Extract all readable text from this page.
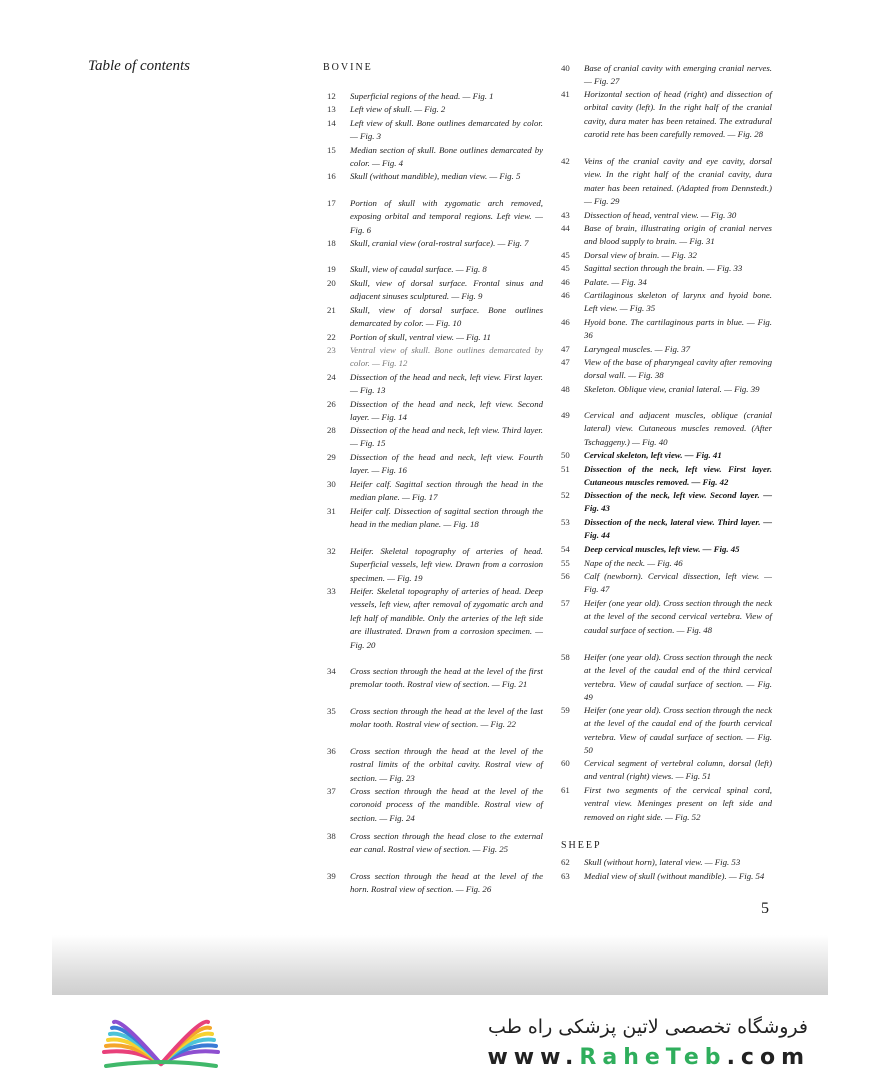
Table of contents	BOVINE
12	Superficial regions of the head. — Fig. 1
13	Left view of skull. — Fig. 2
14	Left view of skull. Bone outlines demarcated by color. — Fig. 3
15	Median section of skull. Bone outlines demarcated by color. — Fig. 4
16	Skull (without mandible), median view. — Fig. 5
17	Portion of skull with zygomatic arch removed, exposing orbital and temporal regions. Left view. — Fig. 6
18	Skull, cranial view (oral-rostral surface). — Fig. 7
19	Skull, view of caudal surface. — Fig. 8
20	Skull, view of dorsal surface. Frontal sinus and adjacent sinuses sculptured. — Fig. 9
21	Skull, view of dorsal surface. Bone outlines demarcated by color. — Fig. 10
22	Portion of skull, ventral view. — Fig. 11
23	Ventral view of skull. Bone outlines demarcated by color. — Fig. 12
24	Dissection of the head and neck, left view. First layer. — Fig. 13
26	Dissection of the head and neck, left view. Second layer. — Fig. 14
28	Dissection of the head and neck, left view. Third layer. — Fig. 15
29	Dissection of the head and neck, left view. Fourth layer. — Fig. 16
30	Heifer calf. Sagittal section through the head in the median plane. — Fig. 17
31	Heifer calf. Dissection of sagittal section through the head in the median plane. — Fig. 18
32	Heifer. Skeletal topography of arteries of head. Superficial vessels, left view. Drawn from a corrosion specimen. — Fig. 19
33	Heifer. Skeletal topography of arteries of head. Deep vessels, left view, after removal of zygomatic arch and left half of mandible. Only the arteries of the left side are illustrated. Drawn from a corrosion specimen. — Fig. 20
34	Cross section through the head at the level of the first premolar tooth. Rostral view of section. — Fig. 21
35	Cross section through the head at the level of the last molar tooth. Rostral view of section. — Fig. 22
36	Cross section through the head at the level of the rostral limits of the orbital cavity. Rostral view of section. — Fig. 23
37	Cross section through the head at the level of the coronoid process of the mandible. Rostral view of section. — Fig. 24
38	Cross section through the head close to the external ear canal. Rostral view of section. — Fig. 25
39	Cross section through the head at the level of the horn. Rostral view of section. — Fig. 26
40	Base of cranial cavity with emerging cranial nerves. — Fig. 27
41	Horizontal section of head (right) and dissection of orbital cavity (left). In the right half of the cranial cavity, dura mater has been retained. The extradural carotid rete has been carefully removed. — Fig. 28
42	Veins of the cranial cavity and eye cavity, dorsal view. In the right half of the cranial cavity, dura mater has been retained. (Adapted from Dennstedt.) — Fig. 29
43	Dissection of head, ventral view. — Fig. 30
44	Base of brain, illustrating origin of cranial nerves and blood supply to brain. — Fig. 31
45	Dorsal view of brain. — Fig. 32
45	Sagittal section through the brain. — Fig. 33
46	Palate. — Fig. 34
46	Cartilaginous skeleton of larynx and hyoid bone. Left view. — Fig. 35
46	Hyoid bone. The cartilaginous parts in blue. — Fig. 36
47	Laryngeal muscles. — Fig. 37
47	View of the base of pharyngeal cavity after removing dorsal wall. — Fig. 38
48	Skeleton. Oblique view, cranial lateral. — Fig. 39
49	Cervical and adjacent muscles, oblique (cranial lateral) view. Cutaneous muscles removed. (After Tschaggeny.) — Fig. 40
50	Cervical skeleton, left view. — Fig. 41
51	Dissection of the neck, left view. First layer. Cutaneous muscles removed. — Fig. 42
52	Dissection of the neck, left view. Second layer. — Fig. 43
53	Dissection of the neck, lateral view. Third layer. — Fig. 44
54	Deep cervical muscles, left view. — Fig. 45
55	Nape of the neck. — Fig. 46
56	Calf (newborn). Cervical dissection, left view. — Fig. 47
57	Heifer (one year old). Cross section through the neck at the level of the second cervical vertebra. View of caudal surface of section. — Fig. 48
58	Heifer (one year old). Cross section through the neck at the level of the caudal end of the third cervical vertebra. View of caudal surface of section. — Fig. 49
59	Heifer (one year old). Cross section through the neck at the level of the caudal end of the fourth cervical vertebra. View of caudal surface of section. — Fig. 50
60	Cervical segment of vertebral column, dorsal (left) and ventral (right) views. — Fig. 51
61	First two segments of the cervical spinal cord, ventral view. Meninges present on left side and removed on right side. — Fig. 52
SHEEP
62	Skull (without horn), lateral view. — Fig. 53
63	Medial view of skull (without mandible). — Fig. 54
5
فروشگاه تخصصی لاتین پزشکی راه طب
www.RaheTeb.com
